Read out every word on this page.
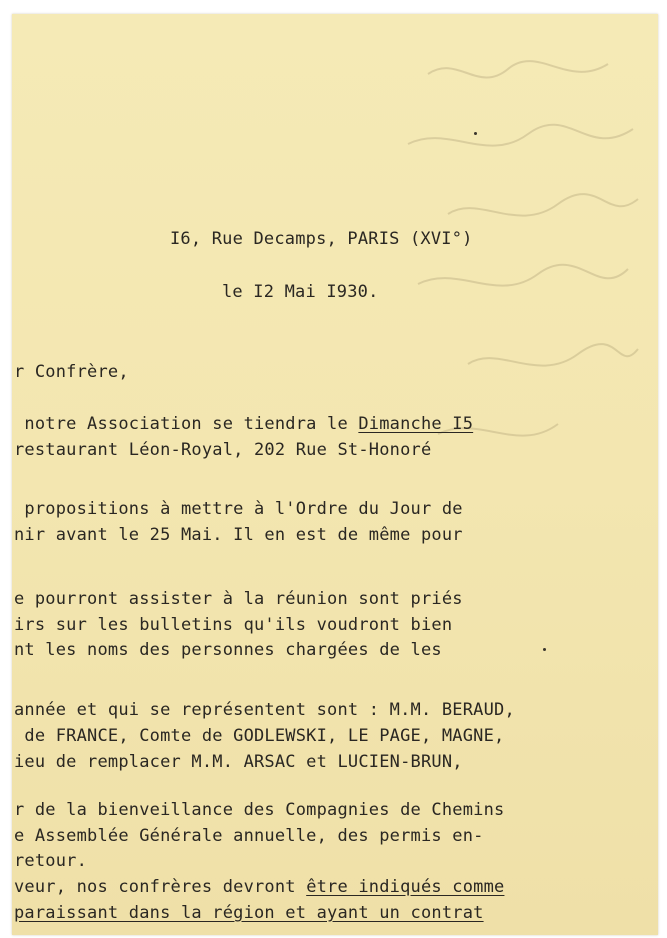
I6, Rue Decamps, PARIS (XVI°)
le I2 Mai I930.
r Confrère,
notre Association se tiendra le Dimanche I5
restaurant Léon-Royal, 202 Rue St-Honoré
propositions à mettre à l'Ordre du Jour de
nir avant le 25 Mai. Il en est de même pour
e pourront assister à la réunion sont priés
irs sur les bulletins qu'ils voudront bien
nt les noms des personnes chargées de les
année et qui se représentent sont : M.M. BERAUD,
de FRANCE, Comte de GODLEWSKI, LE PAGE, MAGNE,
ieu de remplacer M.M. ARSAC et LUCIEN-BRUN,
r de la bienveillance des Compagnies de Chemins
e Assemblée Générale annuelle, des permis en-
retour.
veur, nos confrères devront être indiqués comme
paraissant dans la région et ayant un contrat
